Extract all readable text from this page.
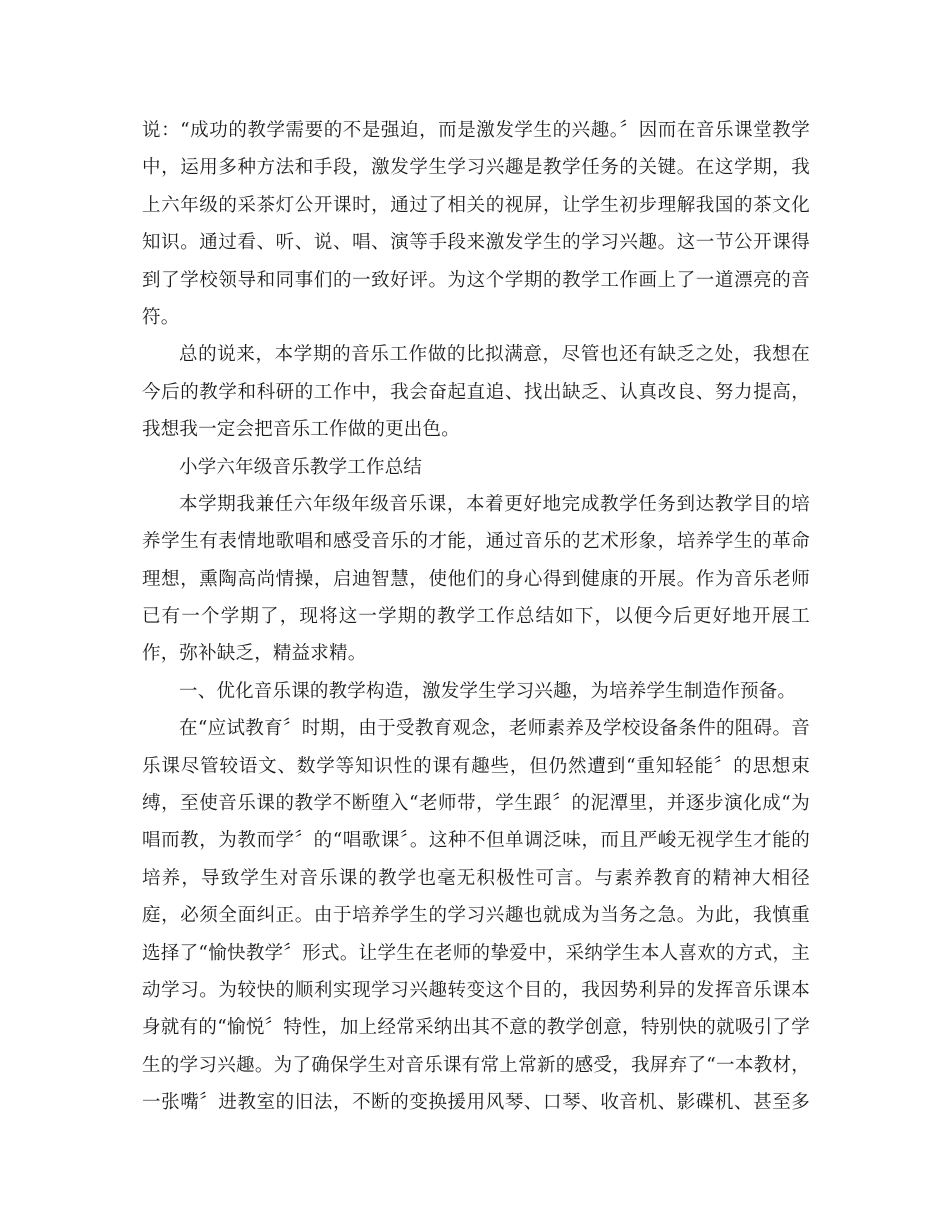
说：“成功的教学需要的不是强迫，而是激发学生的兴趣。〞因而在音乐课堂教学
中，运用多种方法和手段，激发学生学习兴趣是教学任务的关键。在这学期，我
上六年级的采茶灯公开课时，通过了相关的视屏，让学生初步理解我国的茶文化
知识。通过看、听、说、唱、演等手段来激发学生的学习兴趣。这一节公开课得
到了学校领导和同事们的一致好评。为这个学期的教学工作画上了一道漂亮的音
符。
总的说来，本学期的音乐工作做的比拟满意，尽管也还有缺乏之处，我想在
今后的教学和科研的工作中，我会奋起直追、找出缺乏、认真改良、努力提高，
我想我一定会把音乐工作做的更出色。
小学六年级音乐教学工作总结
本学期我兼任六年级年级音乐课，本着更好地完成教学任务到达教学目的培
养学生有表情地歌唱和感受音乐的才能，通过音乐的艺术形象，培养学生的革命
理想，熏陶高尚情操，启迪智慧，使他们的身心得到健康的开展。作为音乐老师
已有一个学期了，现将这一学期的教学工作总结如下，以便今后更好地开展工
作，弥补缺乏，精益求精。
一、优化音乐课的教学构造，激发学生学习兴趣，为培养学生制造作预备。
在“应试教育〞时期，由于受教育观念，老师素养及学校设备条件的阻碍。音
乐课尽管较语文、数学等知识性的课有趣些，但仍然遭到“重知轻能〞的思想束
缚，至使音乐课的教学不断堕入“老师带，学生跟〞的泥潭里，并逐步演化成“为
唱而教，为教而学〞的“唱歌课〞。这种不但单调泛味，而且严峻无视学生才能的
培养，导致学生对音乐课的教学也毫无积极性可言。与素养教育的精神大相径
庭，必须全面纠正。由于培养学生的学习兴趣也就成为当务之急。为此，我慎重
选择了“愉快教学〞形式。让学生在老师的挚爱中，采纳学生本人喜欢的方式，主
动学习。为较快的顺利实现学习兴趣转变这个目的，我因势利异的发挥音乐课本
身就有的“愉悦〞特性，加上经常采纳出其不意的教学创意，特别快的就吸引了学
生的学习兴趣。为了确保学生对音乐课有常上常新的感受，我屏弃了“一本教材，
一张嘴〞进教室的旧法，不断的变换援用风琴、口琴、收音机、影碟机、甚至多
